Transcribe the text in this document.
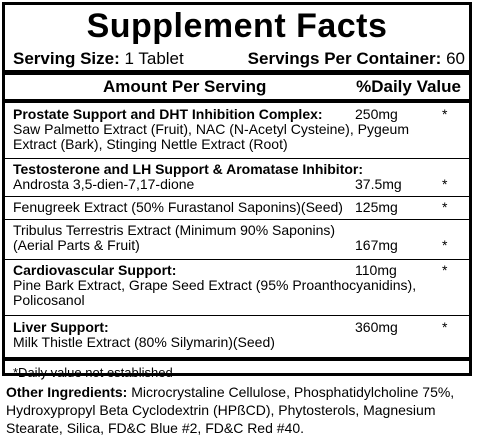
Supplement Facts
Serving Size: 1 Tablet	Servings Per Container: 60
Amount Per Serving	%Daily Value
Prostate Support and DHT Inhibition Complex:
Saw Palmetto Extract (Fruit), NAC (N-Acetyl Cysteine), Pygeum
Extract (Bark), Stinging Nettle Extract (Root)
250mg	*
Testosterone and LH Support & Aromatase Inhibitor:
Androsta 3,5-dien-7,17-dione	37.5mg	*
Fenugreek Extract (50% Furastanol Saponins)(Seed) 125mg	*
Tribulus Terrestris Extract (Minimum 90% Saponins)
(Aerial Parts & Fruit)	167mg	*
Cardiovascular Support:
Pine Bark Extract, Grape Seed Extract (95% Proanthocyanidins),
Policosanol
110mg	*
Liver Support:
Milk Thistle Extract (80% Silymarin)(Seed)
360mg	*
*Daily value not established
Other Ingredients: Microcrystaline Cellulose, Phosphatidylcholine 75%, Hydroxypropyl Beta Cyclodextrin (HPßCD), Phytosterols, Magnesium Stearate, Silica, FD&C Blue #2, FD&C Red #40.
